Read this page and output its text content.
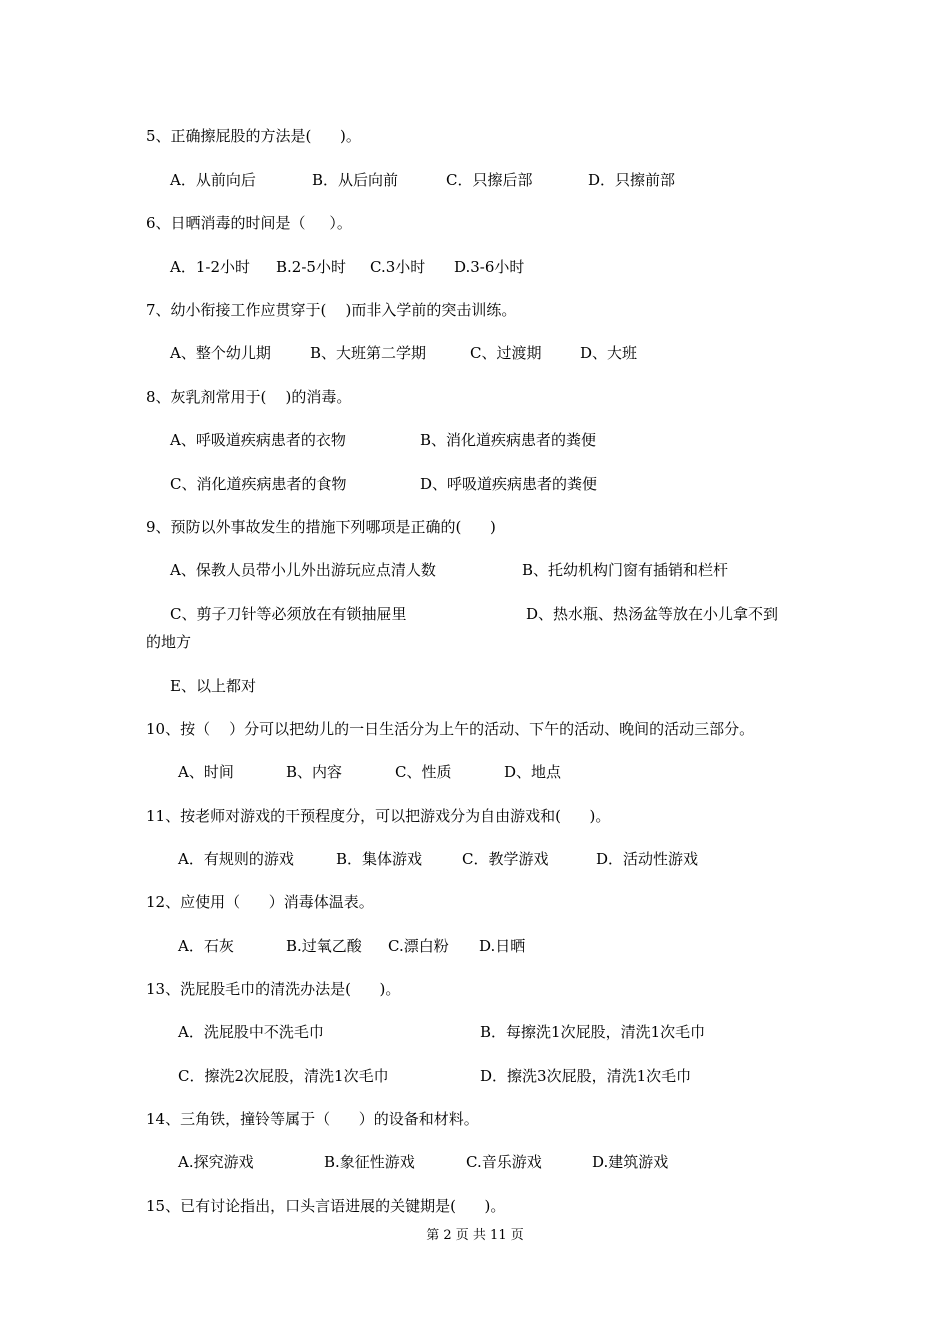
5、正确擦屁股的方法是(      )。
A．从前向后	B．从后向前	C．只擦后部	D．只擦前部
6、日晒消毒的时间是（     ）。
A．1-2小时 B.2-5小时 C.3小时 D.3-6小时
7、幼小衔接工作应贯穿于(    )而非入学前的突击训练。
A、整个幼儿期	B、大班第二学期	C、过渡期	D、大班
8、灰乳剂常用于(    )的消毒。
A、呼吸道疾病患者的衣物	B、消化道疾病患者的粪便
C、消化道疾病患者的食物	D、呼吸道疾病患者的粪便
9、预防以外事故发生的措施下列哪项是正确的(      )
A、保教人员带小儿外出游玩应点清人数	B、托幼机构门窗有插销和栏杆
C、剪子刀针等必须放在有锁抽屉里	D、热水瓶、热汤盆等放在小儿拿不到
的地方
E、以上都对
10、按（    ）分可以把幼儿的一日生活分为上午的活动、下午的活动、晚间的活动三部分。
A、时间	B、内容	C、性质	D、地点
11、按老师对游戏的干预程度分，可以把游戏分为自由游戏和(      )。
A．有规则的游戏	B．集体游戏	C．教学游戏	D．活动性游戏
12、应使用（      ）消毒体温表。
A．石灰	B.过氧乙酸 C.漂白粉 D.日晒
13、洗屁股毛巾的清洗办法是(      )。
A．洗屁股中不洗毛巾	B．每擦洗1次屁股，清洗1次毛巾
C．擦洗2次屁股，清洗1次毛巾	D．擦洗3次屁股，清洗1次毛巾
14、三角铁，撞铃等属于（      ）的设备和材料。
A.探究游戏	B.象征性游戏	C.音乐游戏	D.建筑游戏
15、已有讨论指出，口头言语进展的关键期是(      )。
第 2 页 共 11 页
